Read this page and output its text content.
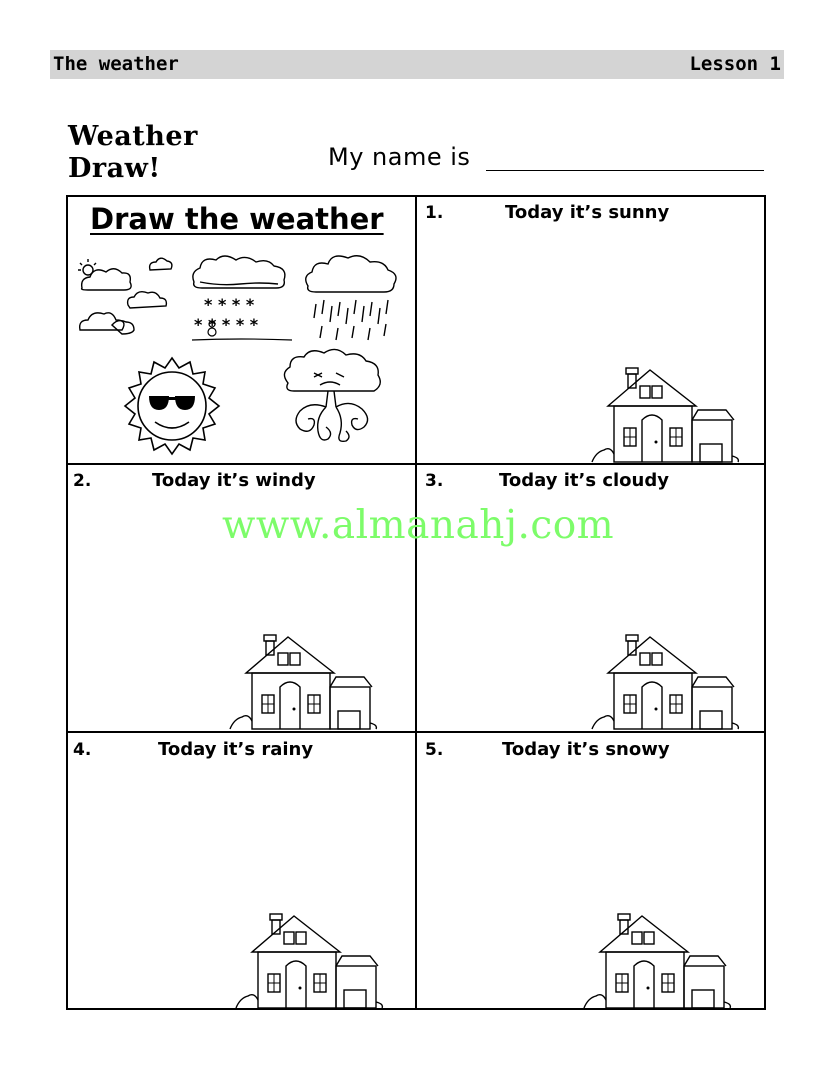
The weather	Lesson 1
Weather
Draw!	My name is
Draw the weather
* * * *
* * * * *
1.	Today it’s sunny
2.	Today it’s windy	3.	Today it’s cloudy
4.	Today it’s rainy	5.	Today it’s snowy
www.almanahj.com
